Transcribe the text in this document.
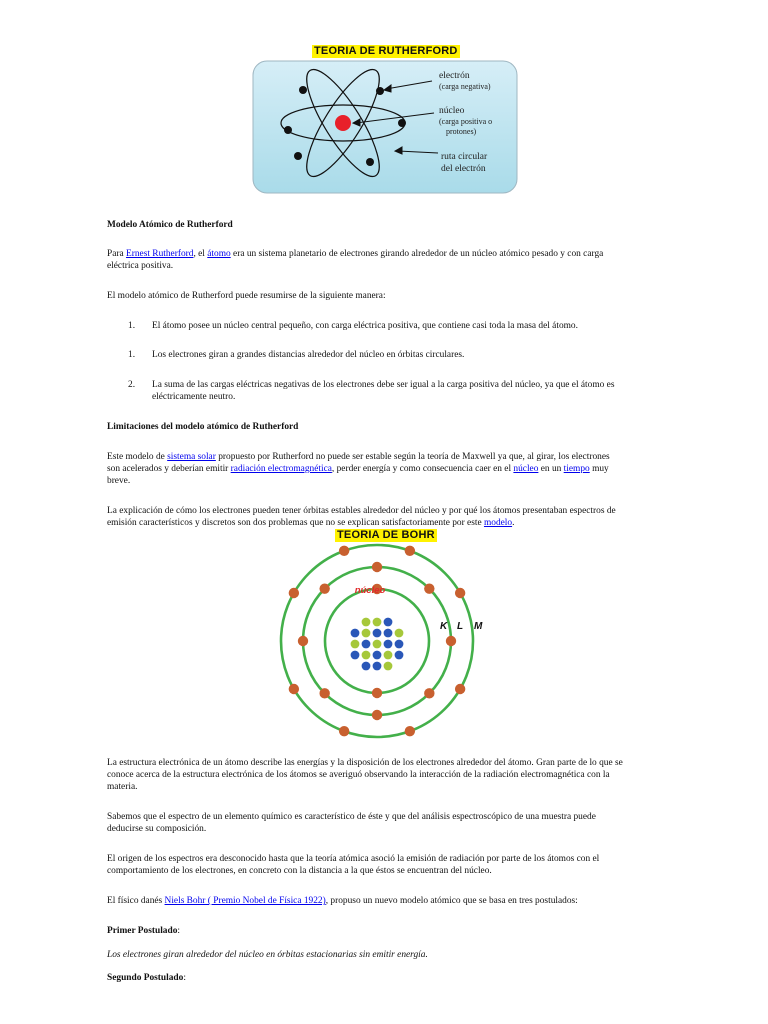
TEORIA DE RUTHERFORD
electrón
(carga negativa)
núcleo
(carga positiva o
protones)
ruta circular
del electrón
Modelo Atómico de Rutherford
Para Ernest Rutherford, el átomo era un sistema planetario de electrones girando alrededor de un núcleo atómico pesado y con carga
eléctrica positiva.
El modelo atómico de Rutherford puede resumirse de la siguiente manera:
1. El átomo posee un núcleo central pequeño, con carga eléctrica positiva, que contiene casi toda la masa del átomo.
1. Los electrones giran a grandes distancias alrededor del núcleo en órbitas circulares.
2. La suma de las cargas eléctricas negativas de los electrones debe ser igual a la carga positiva del núcleo, ya que el átomo es
eléctricamente neutro.
Limitaciones del modelo atómico de Rutherford
Este modelo de sistema solar propuesto por Rutherford no puede ser estable según la teoría de Maxwell ya que, al girar, los electrones
son acelerados y deberían emitir radiación electromagnética, perder energía y como consecuencia caer en el núcleo en un tiempo muy
breve.
La explicación de cómo los electrones pueden tener órbitas estables alrededor del núcleo y por qué los átomos presentaban espectros de
emisión característicos y discretos son dos problemas que no se explican satisfactoriamente por este modelo.
TEORIA DE BOHR
núcleo
K L M
La estructura electrónica de un átomo describe las energías y la disposición de los electrones alrededor del átomo. Gran parte de lo que se
conoce acerca de la estructura electrónica de los átomos se averiguó observando la interacción de la radiación electromagnética con la
materia.
Sabemos que el espectro de un elemento químico es característico de éste y que del análisis espectroscópico de una muestra puede
deducirse su composición.
El origen de los espectros era desconocido hasta que la teoría atómica asoció la emisión de radiación por parte de los átomos con el
comportamiento de los electrones, en concreto con la distancia a la que éstos se encuentran del núcleo.
El físico danés Niels Bohr ( Premio Nobel de Física 1922), propuso un nuevo modelo atómico que se basa en tres postulados:
Primer Postulado:
Los electrones giran alrededor del núcleo en órbitas estacionarias sin emitir energía.
Segundo Postulado:
